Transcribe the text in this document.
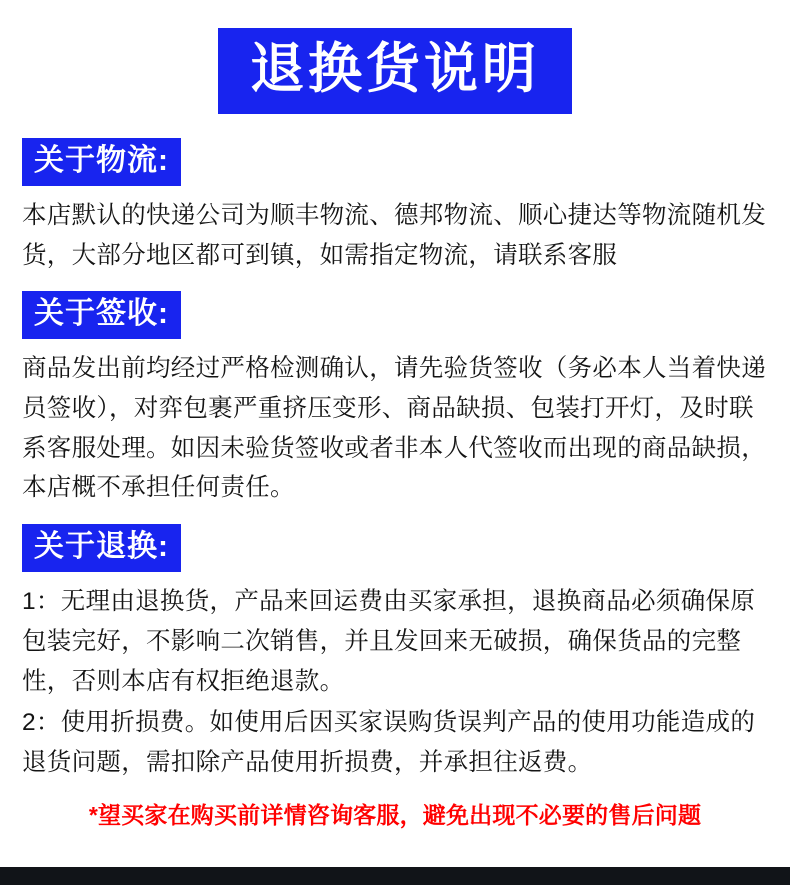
退换货说明
关于物流:

本店默认的快递公司为顺丰物流、德邦物流、顺心捷达等物流随机发货，大部分地区都可到镇，如需指定物流，请联系客服

关于签收:

商品发出前均经过严格检测确认，请先验货签收（务必本人当着快递员签收），对弈包裹严重挤压变形、商品缺损、包装打开灯，及时联系客服处理。如因未验货签收或者非本人代签收而出现的商品缺损，本店概不承担任何责任。

关于退换:

1：无理由退换货，产品来回运费由买家承担，退换商品必须确保原包装完好，不影响二次销售，并且发回来无破损，确保货品的完整性，否则本店有权拒绝退款。

2：使用折损费。如使用后因买家误购货误判产品的使用功能造成的退货问题，需扣除产品使用折损费，并承担往返费。

*望买家在购买前详情咨询客服，避免出现不必要的售后问题
